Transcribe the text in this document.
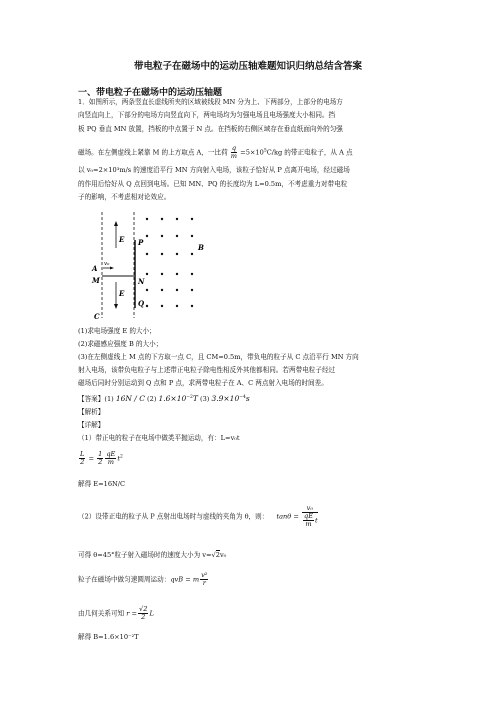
带电粒子在磁场中的运动压轴难题知识归纳总结含答案
一、带电粒子在磁场中的运动压轴题
1．如图所示，两条竖直长虚线所夹的区域被线段 MN 分为上、下两部分，上部分的电场方
向竖直向上，下部分的电场方向竖直向下，两电场均为匀强电场且电场强度大小相同。挡
板 PQ 垂直 MN 放置，挡板的中点置于 N 点。在挡板的右侧区域存在垂直纸面向外的匀强
磁场。在左侧虚线上紧靠 M 的上方取点 A，一比荷 $\frac{q}{m} =5\times 10^5C/kg$ 的带正电粒子，从 A 点
以 v₀=2×10³m/s 的速度沿平行 MN 方向射入电场，该粒子恰好从 P 点离开电场，经过磁场
的作用后恰好从 Q 点回到电场。已知 MN、PQ 的长度均为 L=0.5m，不考虑重力对带电粒
子的影响，不考虑相对论效应。
E
E
P
B
A v₀
M	N
Q
C
(1)求电场强度 E 的大小；
(2)求磁感应强度 B 的大小；
(3)在左侧虚线上 M 点的下方取一点 C，且 CM=0.5m，带负电的粒子从 C 点沿平行 MN 方向
射入电场，该带负电粒子与上述带正电粒子除电性相反外其他都相同。若两带电粒子经过
磁场后同时分别运动到 Q 点和 P 点，求两带电粒子在 A、C 两点射入电场的时间差。
【答案】(1) 16N / C (2) $1.6\times 10^{-2}T$ (3) $3.9\times 10^{-4}s$
【解析】
【详解】
（1）带正电的粒子在电场中做类平抛运动，有：L=v₀t
$\frac{L}{2} = \frac{1}{2} \frac{qE}{m} t^2$
解得 E=16N/C
（2）设带正电的粒子从 P 点射出电场时与虚线的夹角为 θ，则： $\tan\theta = \frac{\text{v₀}}{\frac{qE}{m} t}$
可得 θ=45°粒子射入磁场时的速度大小为 v=√2v₀
粒子在磁场中做匀速圆周运动：qvB = m $\frac{\text{v²}}{r}$
由几何关系可知 $r = \frac{√2}{2}$ L
解得 B=1.6×10⁻²T
